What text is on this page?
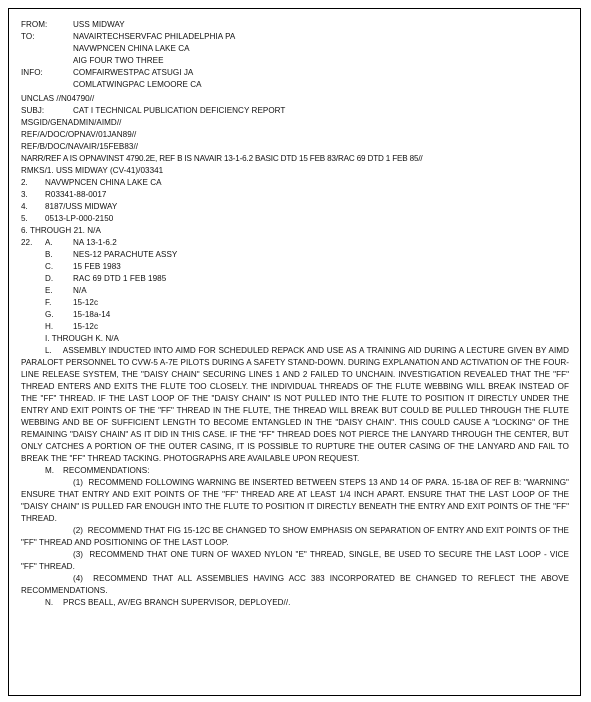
FROM:	USS MIDWAY
TO:	NAVAIRTECHSERVFAC PHILADELPHIA PA
NAVWPNCEN CHINA LAKE CA
AIG FOUR TWO THREE
INFO:	COMFAIRWESTPAC ATSUGI JA
COMLATWINGPAC LEMOORE CA
UNCLAS //N04790//
SUBJ:	CAT I TECHNICAL PUBLICATION DEFICIENCY REPORT
MSGID/GENADMIN/AIMD//
REF/A/DOC/OPNAV/01JAN89//
REF/B/DOC/NAVAIR/15FEB83//
NARR/REF A IS OPNAVINST 4790.2E, REF B IS NAVAIR 13-1-6.2 BASIC DTD 15 FEB 83/RAC 69 DTD 1 FEB 85//
RMKS/1. USS MIDWAY (CV-41)/03341
2. NAVWPNCEN CHINA LAKE CA
3. R03341-88-0017
4. 8187/USS MIDWAY
5. 0513-LP-000-2150
6. THROUGH 21. N/A
22. A.	NA 13-1-6.2
B.	NES-12 PARACHUTE ASSY
C. 15 FEB 1983
D. RAC 69 DTD 1 FEB 1985
E.	N/A
F.	15-12c
G. 15-18a-14
H. 15-12c
I. THROUGH K. N/A
L. ASSEMBLY INDUCTED INTO AIMD FOR SCHEDULED REPACK AND USE AS A TRAINING AID DURING A LECTURE GIVEN BY AIMD PARALOFT PERSONNEL TO CVW-5 A-7E PILOTS DURING A SAFETY STAND-DOWN. DURING EXPLANATION AND ACTIVATION OF THE FOUR-LINE RELEASE SYSTEM, THE "DAISY CHAIN" SECURING LINES 1 AND 2 FAILED TO UNCHAIN. INVESTIGATION REVEALED THAT THE "FF" THREAD ENTERS AND EXITS THE FLUTE TOO CLOSELY. THE INDIVIDUAL THREADS OF THE FLUTE WEBBING WILL BREAK INSTEAD OF THE "FF" THREAD. IF THE LAST LOOP OF THE "DAISY CHAIN" IS NOT PULLED INTO THE FLUTE TO POSITION IT DIRECTLY UNDER THE ENTRY AND EXIT POINTS OF THE "FF" THREAD IN THE FLUTE, THE THREAD WILL BREAK BUT COULD BE PULLED THROUGH THE FLUTE WEBBING AND BE OF SUFFICIENT LENGTH TO BECOME ENTANGLED IN THE "DAISY CHAIN". THIS COULD CAUSE A "LOCKING" OF THE REMAINING "DAISY CHAIN" AS IT DID IN THIS CASE. IF THE "FF" THREAD DOES NOT PIERCE THE LANYARD THROUGH THE CENTER, BUT ONLY CATCHES A PORTION OF THE OUTER CASING, IT IS POSSIBLE TO RUPTURE THE OUTER CASING OF THE LANYARD AND FAIL TO BREAK THE "FF" THREAD TACKING. PHOTOGRAPHS ARE AVAILABLE UPON REQUEST.
M. RECOMMENDATIONS:
(1) RECOMMEND FOLLOWING WARNING BE INSERTED BETWEEN STEPS 13 AND 14 OF PARA. 15-18A OF REF B: "WARNING" ENSURE THAT ENTRY AND EXIT POINTS OF THE "FF" THREAD ARE AT LEAST 1/4 INCH APART. ENSURE THAT THE LAST LOOP OF THE "DAISY CHAIN" IS PULLED FAR ENOUGH INTO THE FLUTE TO POSITION IT DIRECTLY BENEATH THE ENTRY AND EXIT POINTS OF THE "FF" THREAD.
(2) RECOMMEND THAT FIG 15-12C BE CHANGED TO SHOW EMPHASIS ON SEPARATION OF ENTRY AND EXIT POINTS OF THE "FF" THREAD AND POSITIONING OF THE LAST LOOP.
(3) RECOMMEND THAT ONE TURN OF WAXED NYLON "E" THREAD, SINGLE, BE USED TO SECURE THE LAST LOOP - VICE "FF" THREAD.
(4) RECOMMEND THAT ALL ASSEMBLIES HAVING ACC 383 INCORPORATED BE CHANGED TO REFLECT THE ABOVE RECOMMENDATIONS.
N. PRCS BEALL, AV/EG BRANCH SUPERVISOR, DEPLOYED//.
